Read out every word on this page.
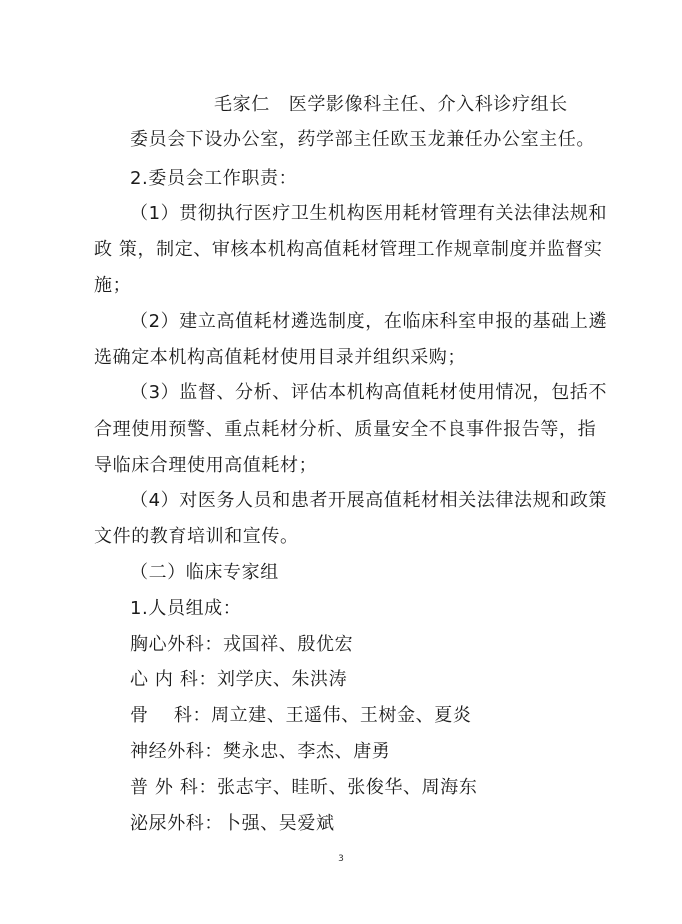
毛家仁   医学影像科主任、介入科诊疗组长
委员会下设办公室，药学部主任欧玉龙兼任办公室主任。
2.委员会工作职责：
（1）贯彻执行医疗卫生机构医用耗材管理有关法律法规和
政 策，制定、审核本机构高值耗材管理工作规章制度并监督实
施；
（2）建立高值耗材遴选制度，在临床科室申报的基础上遴
选确定本机构高值耗材使用目录并组织采购；
（3）监督、分析、评估本机构高值耗材使用情况，包括不
合理使用预警、重点耗材分析、质量安全不良事件报告等，指
导临床合理使用高值耗材；
（4）对医务人员和患者开展高值耗材相关法律法规和政策
文件的教育培训和宣传。
（二）临床专家组
1.人员组成：
胸心外科：戎国祥、殷优宏
心 内 科：刘学庆、朱洪涛
骨    科：周立建、王遥伟、王树金、夏炎
神经外科：樊永忠、李杰、唐勇
普 外 科：张志宇、眭昕、张俊华、周海东
泌尿外科：卜强、吴爱斌
3
